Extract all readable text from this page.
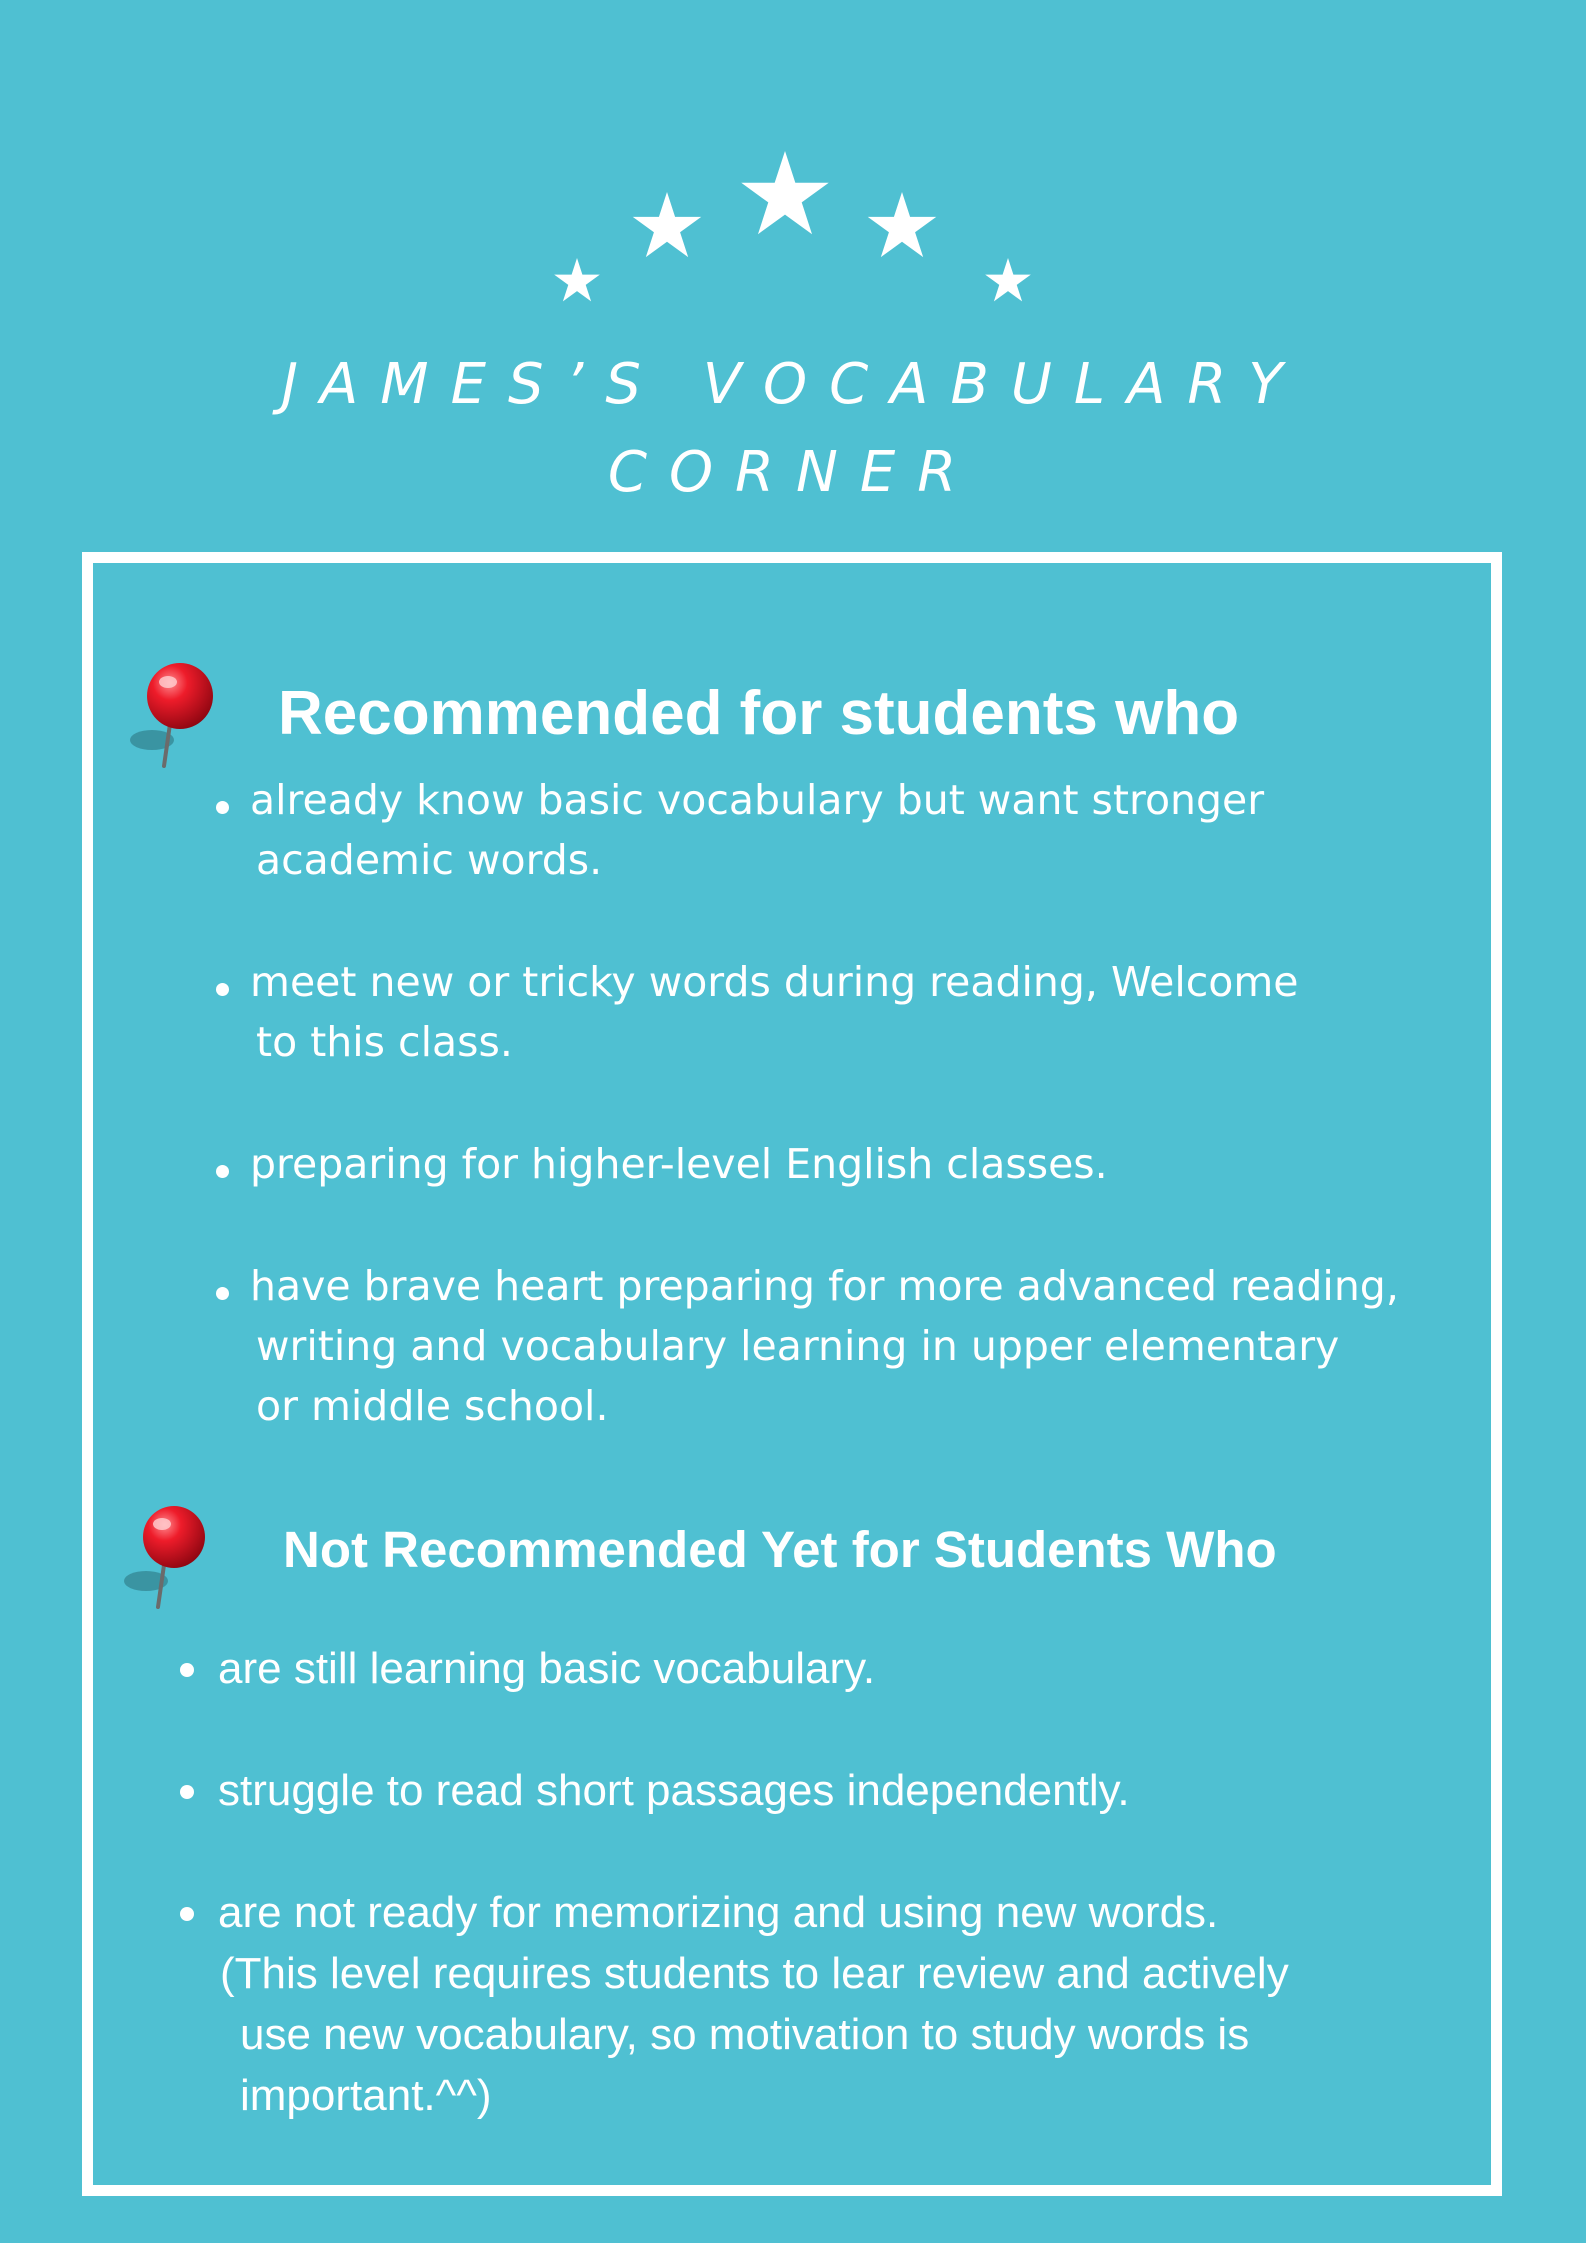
JAMES’S VOCABULARY
CORNER
Recommended for students who
already know basic vocabulary but want stronger
academic words.
meet new or tricky words during reading, Welcome
to this class.
preparing for higher-level English classes.
have brave heart preparing for more advanced reading,
writing and vocabulary learning in upper elementary
or middle school.
Not Recommended Yet for Students Who
are still learning basic vocabulary.
struggle to read short passages independently.
are not ready for memorizing and using new words.
(This level requires students to lear review and actively
use new vocabulary, so motivation to study words is
important.^^)
